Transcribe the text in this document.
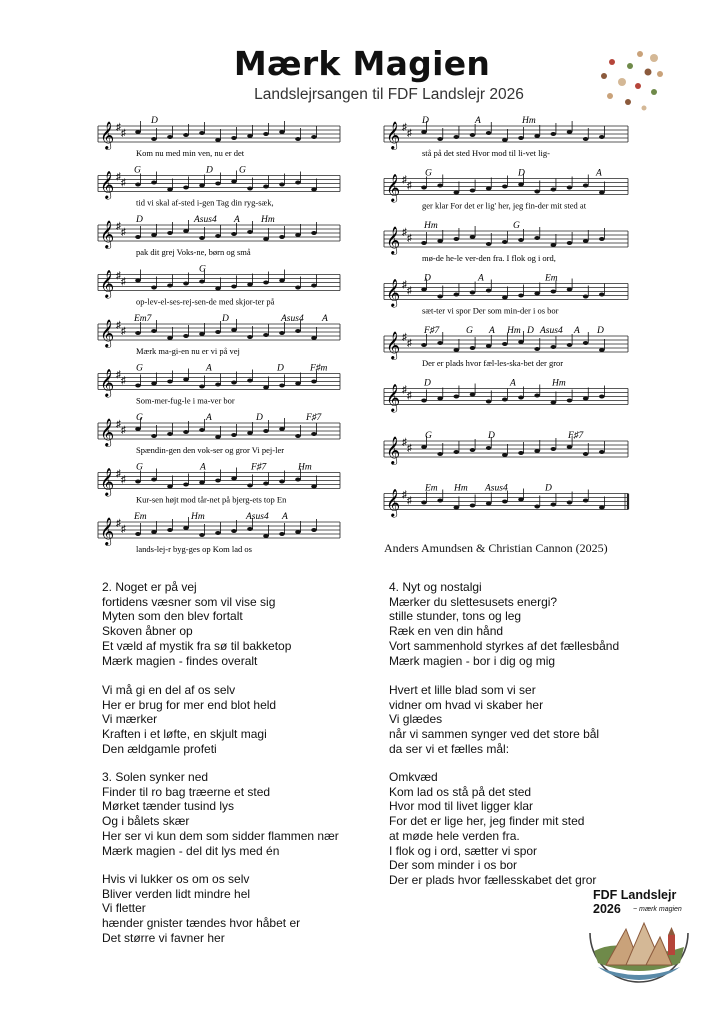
Mærk Magien
Landslejrsangen til FDF Landslejr 2026
𝄞 ♯
♯
D
Kom nu med min ven, nu er det
𝄞 ♯
♯
G	D	G
tid vi skal af-sted i-gen Tag din ryg-sæk,
𝄞 ♯
♯
D	Asus4 A Hm
pak dit grej Voks-ne, børn og små
𝄞 ♯
♯
G
op-lev-el-ses-rej-sen-de med skjor-ter på
𝄞 ♯
♯
Em7	D	Asus4 A
Mærk ma-gi-en nu er vi på vej
𝄞 ♯
♯
G	A	D	F♯m
Som-mer-fug-le i ma-ver bor
𝄞 ♯
♯
G	A	D	F♯7
Spændin-gen den vok-ser og gror Vi pej-ler
𝄞 ♯
♯
G	A	F♯7	Hm
Kur-sen højt mod tår-net på bjerg-ets top En
𝄞 ♯
♯
Em	Hm	Asus4 A
lands-lej-r byg-ges op Kom lad os
𝄞 ♯
♯
D	A	Hm
stå på det sted Hvor mod til li-vet lig-
𝄞 ♯
♯
G	D	A
ger klar For det er lig' her, jeg fin-der mit sted at
𝄞 ♯
♯
Hm	G
mø-de he-le ver-den fra. I flok og i ord,
𝄞 ♯
♯
D	A	Em
sæt-ter vi spor Der som min-der i os bor
𝄞 ♯
♯
F♯7	G A Hm D Asus4 A D
Der er plads hvor fæl-les-ska-bet der gror
𝄞 ♯
♯
D	A	Hm
𝄞 ♯
♯
G	D	F♯7
𝄞 ♯
♯
Em Hm Asus4	D
Anders Amundsen & Christian Cannon (2025)
2. Noget er på vej
fortidens væsner som vil vise sig
Myten som den blev fortalt
Skoven åbner op
Et væld af mystik fra sø til bakketop
Mærk magien - findes overalt
Vi må gi en del af os selv
Her er brug for mer end blot held
Vi mærker
Kraften i et løfte, en skjult magi
Den ældgamle profeti
3. Solen synker ned
Finder til ro bag træerne et sted
Mørket tænder tusind lys
Og i bålets skær
Her ser vi kun dem som sidder flammen nær
Mærk magien - del dit lys med én
Hvis vi lukker os om os selv
Bliver verden lidt mindre hel
Vi fletter
hænder gnister tændes hvor håbet er
Det større vi favner her
4. Nyt og nostalgi
Mærker du slettesusets energi?
stille stunder, tons og leg
Ræk en ven din hånd
Vort sammenhold styrkes af det fællesbånd
Mærk magien - bor i dig og mig
Hvert et lille blad som vi ser
vidner om hvad vi skaber her
Vi glædes
når vi sammen synger ved det store bål
da ser vi et fælles mål:
Omkvæd
Kom lad os stå på det sted
Hvor mod til livet ligger klar
For det er lige her, jeg finder mit sted
at møde hele verden fra.
I flok og i ord, sætter vi spor
Der som minder i os bor
Der er plads hvor fællesskabet det gror
FDF Landslejr
2026 ~ mærk magien
